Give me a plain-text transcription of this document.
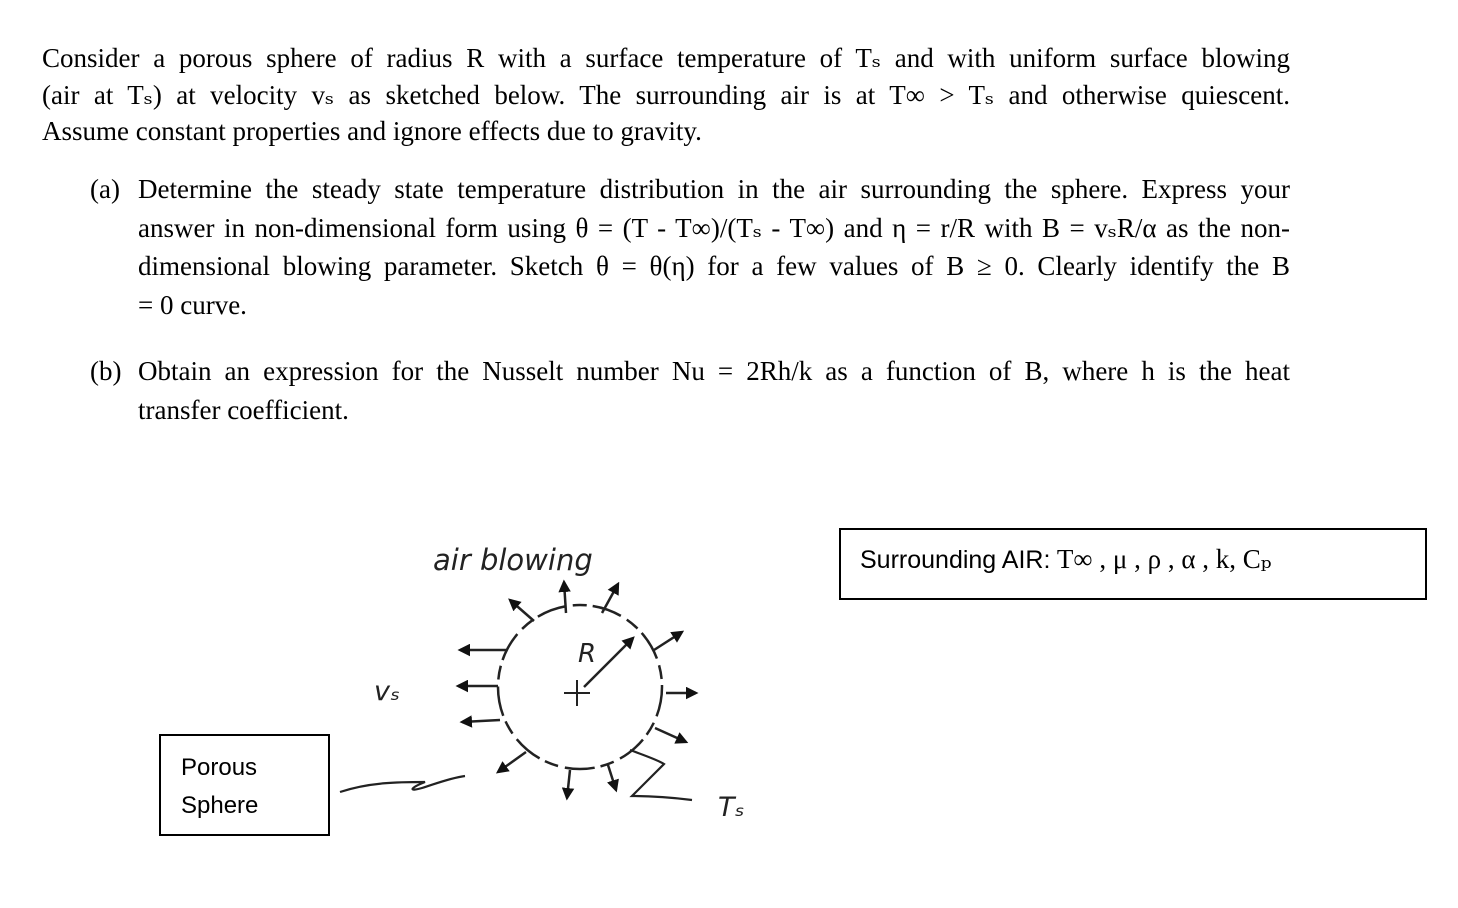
Consider a porous sphere of radius R with a surface temperature of Tₛ and with uniform surface blowing
(air at Tₛ) at velocity vₛ as sketched below. The surrounding air is at T∞ > Tₛ and otherwise quiescent.
Assume constant properties and ignore effects due to gravity.
(a) Determine the steady state temperature distribution in the air surrounding the sphere. Express your
answer in non-dimensional form using θ = (T - T∞)/(Tₛ - T∞) and η = r/R with B = vₛR/α as the non-
dimensional blowing parameter. Sketch θ = θ(η) for a few values of B ≥ 0. Clearly identify the B
= 0 curve.
(b) Obtain an expression for the Nusselt number Nu = 2Rh/k as a function of B, where h is the heat
transfer coefficient.
Surrounding AIR: T∞ , μ , ρ , α , k, Cₚ
Porous
Sphere
air blowing
R
vₛ
Tₛ
